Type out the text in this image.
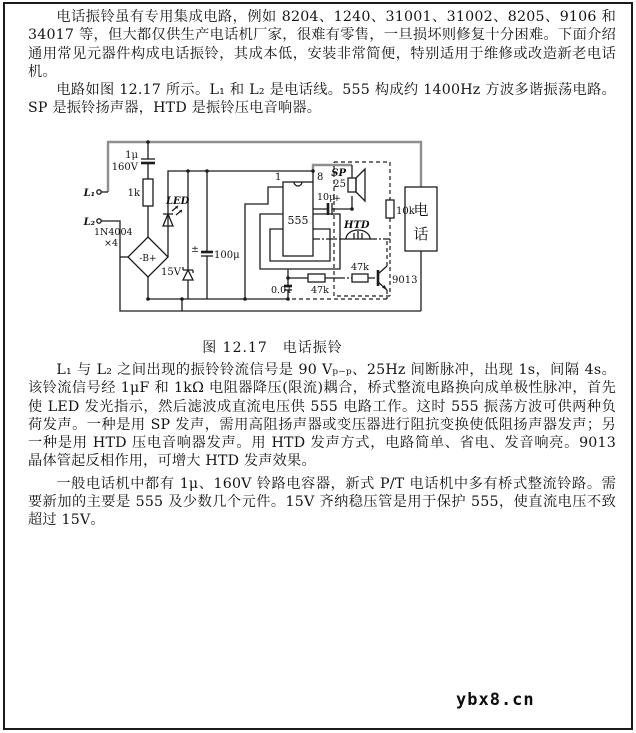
电话振铃虽有专用集成电路，例如 8204、1240、31001、31002、8205、9106 和 34017 等，但大都仅供生产电话机厂家，很难有零售，一旦损坏则修复十分困难。下面介绍通用常见元器件构成电话振铃，其成本低，安装非常简便，特别适用于维修或改造新老电话机。

电路如图 12.17 所示。L₁ 和 L₂ 是电话线。555 构成约 1400Hz 方波多谐振荡电路。SP 是振铃扬声器，HTD 是振铃压电音响器。

L₁
L₂
1μ
160V
1k
-B+
1N4004
×4
LED
15V
±
100μ
555
1	8
10μ
+
SP
25
10k
HTD
47k
0.01
47k
9013
电
话
图 12.17　电话振铃

L₁ 与 L₂ 之间出现的振铃铃流信号是 90 Vₚ₋ₚ、25Hz 间断脉冲，出现 1s，间隔 4s。该铃流信号经 1μF 和 1kΩ 电阻器降压(限流)耦合，桥式整流电路换向成单极性脉冲，首先使 LED 发光指示，然后滤波成直流电压供 555 电路工作。这时 555 振荡方波可供两种负荷发声。一种是用 SP 发声，需用高阻扬声器或变压器进行阻抗变换使低阻扬声器发声；另一种是用 HTD 压电音响器发声。用 HTD 发声方式，电路简单、省电、发音响亮。9013 晶体管起反相作用，可增大 HTD 发声效果。

一般电话机中都有 1μ、160V 铃路电容器，新式 P/T 电话机中多有桥式整流铃路。需要新加的主要是 555 及少数几个元件。15V 齐纳稳压管是用于保护 555，使直流电压不致超过 15V。

ybx8.cn
